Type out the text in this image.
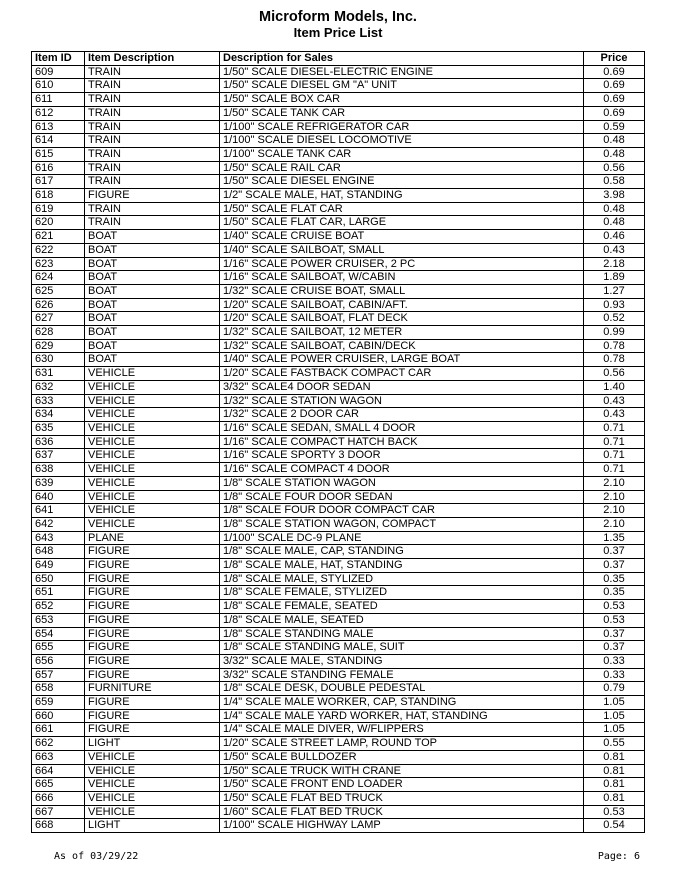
Microform Models, Inc.
Item Price List
Item ID	Item Description	Description for Sales	Price
609	TRAIN	1/50" SCALE DIESEL-ELECTRIC ENGINE	0.69
610	TRAIN	1/50" SCALE DIESEL GM "A" UNIT	0.69
611	TRAIN	1/50" SCALE BOX CAR	0.69
612	TRAIN	1/50" SCALE TANK CAR	0.69
613	TRAIN	1/100" SCALE REFRIGERATOR CAR	0.59
614	TRAIN	1/100" SCALE DIESEL LOCOMOTIVE	0.48
615	TRAIN	1/100" SCALE TANK CAR	0.48
616	TRAIN	1/50" SCALE RAIL CAR	0.56
617	TRAIN	1/50" SCALE DIESEL ENGINE	0.58
618	FIGURE	1/2" SCALE MALE, HAT, STANDING	3.98
619	TRAIN	1/50" SCALE FLAT CAR	0.48
620	TRAIN	1/50" SCALE FLAT CAR, LARGE	0.48
621	BOAT	1/40" SCALE CRUISE BOAT	0.46
622	BOAT	1/40" SCALE SAILBOAT, SMALL	0.43
623	BOAT	1/16" SCALE POWER CRUISER, 2 PC	2.18
624	BOAT	1/16" SCALE SAILBOAT, W/CABIN	1.89
625	BOAT	1/32" SCALE CRUISE BOAT, SMALL	1.27
626	BOAT	1/20" SCALE SAILBOAT, CABIN/AFT.	0.93
627	BOAT	1/20" SCALE SAILBOAT, FLAT DECK	0.52
628	BOAT	1/32" SCALE SAILBOAT, 12 METER	0.99
629	BOAT	1/32" SCALE SAILBOAT, CABIN/DECK	0.78
630	BOAT	1/40" SCALE POWER CRUISER, LARGE BOAT	0.78
631	VEHICLE	1/20" SCALE FASTBACK COMPACT CAR	0.56
632	VEHICLE	3/32" SCALE4 DOOR SEDAN	1.40
633	VEHICLE	1/32" SCALE STATION WAGON	0.43
634	VEHICLE	1/32" SCALE 2 DOOR CAR	0.43
635	VEHICLE	1/16" SCALE SEDAN, SMALL 4 DOOR	0.71
636	VEHICLE	1/16" SCALE COMPACT HATCH BACK	0.71
637	VEHICLE	1/16" SCALE SPORTY 3 DOOR	0.71
638	VEHICLE	1/16" SCALE COMPACT 4 DOOR	0.71
639	VEHICLE	1/8" SCALE STATION WAGON	2.10
640	VEHICLE	1/8" SCALE FOUR DOOR SEDAN	2.10
641	VEHICLE	1/8" SCALE FOUR DOOR COMPACT CAR	2.10
642	VEHICLE	1/8" SCALE STATION WAGON, COMPACT	2.10
643	PLANE	1/100" SCALE DC-9 PLANE	1.35
648	FIGURE	1/8" SCALE MALE, CAP, STANDING	0.37
649	FIGURE	1/8" SCALE MALE, HAT, STANDING	0.37
650	FIGURE	1/8" SCALE MALE, STYLIZED	0.35
651	FIGURE	1/8" SCALE FEMALE, STYLIZED	0.35
652	FIGURE	1/8" SCALE FEMALE, SEATED	0.53
653	FIGURE	1/8" SCALE MALE, SEATED	0.53
654	FIGURE	1/8" SCALE STANDING MALE	0.37
655	FIGURE	1/8" SCALE STANDING MALE, SUIT	0.37
656	FIGURE	3/32" SCALE MALE, STANDING	0.33
657	FIGURE	3/32" SCALE STANDING FEMALE	0.33
658	FURNITURE	1/8" SCALE DESK, DOUBLE PEDESTAL	0.79
659	FIGURE	1/4" SCALE MALE WORKER, CAP, STANDING	1.05
660	FIGURE	1/4" SCALE MALE YARD WORKER, HAT, STANDING	1.05
661	FIGURE	1/4" SCALE MALE DIVER, W/FLIPPERS	1.05
662	LIGHT	1/20" SCALE STREET LAMP, ROUND TOP	0.55
663	VEHICLE	1/50" SCALE BULLDOZER	0.81
664	VEHICLE	1/50" SCALE TRUCK WITH CRANE	0.81
665	VEHICLE	1/50" SCALE FRONT END LOADER	0.81
666	VEHICLE	1/50" SCALE FLAT BED TRUCK	0.81
667	VEHICLE	1/60" SCALE FLAT BED TRUCK	0.53
668	LIGHT	1/100" SCALE HIGHWAY LAMP	0.54
As of 03/29/22	Page: 6
